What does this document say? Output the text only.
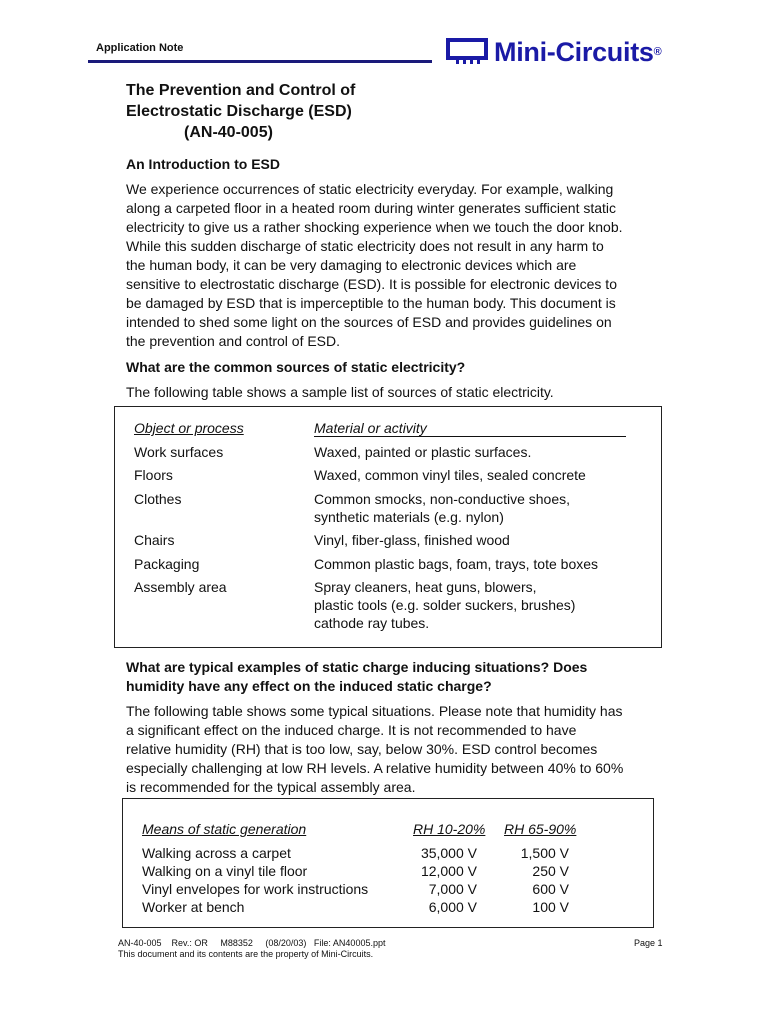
Application Note	Mini-Circuits ®
The Prevention and Control of
Electrostatic Discharge (ESD)
(AN-40-005)
An Introduction to ESD
We experience occurrences of static electricity everyday. For example, walking
along a carpeted floor in a heated room during winter generates sufficient static
electricity to give us a rather shocking experience when we touch the door knob.
While this sudden discharge of static electricity does not result in any harm to
the human body, it can be very damaging to electronic devices which are
sensitive to electrostatic discharge (ESD). It is possible for electronic devices to
be damaged by ESD that is imperceptible to the human body. This document is
intended to shed some light on the sources of ESD and provides guidelines on
the prevention and control of ESD.
What are the common sources of static electricity?
The following table shows a sample list of sources of static electricity.
Object or process	Material or activity
Work surfaces	Waxed, painted or plastic surfaces.
Floors	Waxed, common vinyl tiles, sealed concrete
Clothes	Common smocks, non-conductive shoes,
synthetic materials (e.g. nylon)
Chairs	Vinyl, fiber-glass, finished wood
Packaging	Common plastic bags, foam, trays, tote boxes
Assembly area	Spray cleaners, heat guns, blowers,
plastic tools (e.g. solder suckers, brushes)
cathode ray tubes.
What are typical examples of static charge inducing situations? Does
humidity have any effect on the induced static charge?
The following table shows some typical situations. Please note that humidity has
a significant effect on the induced charge. It is not recommended to have
relative humidity (RH) that is too low, say, below 30%. ESD control becomes
especially challenging at low RH levels. A relative humidity between 40% to 60%
is recommended for the typical assembly area.
Means of static generation	RH 10-20% RH 65-90%
Walking across a carpet	35,000 V	1,500 V
Walking on a vinyl tile floor	12,000 V	250 V
Vinyl envelopes for work instructions	7,000 V	600 V
Worker at bench	6,000 V	100 V
AN-40-005    Rev.: OR     M88352     (08/20/03)   File: AN40005.ppt
This document and its contents are the property of Mini-Circuits.
Page 1
